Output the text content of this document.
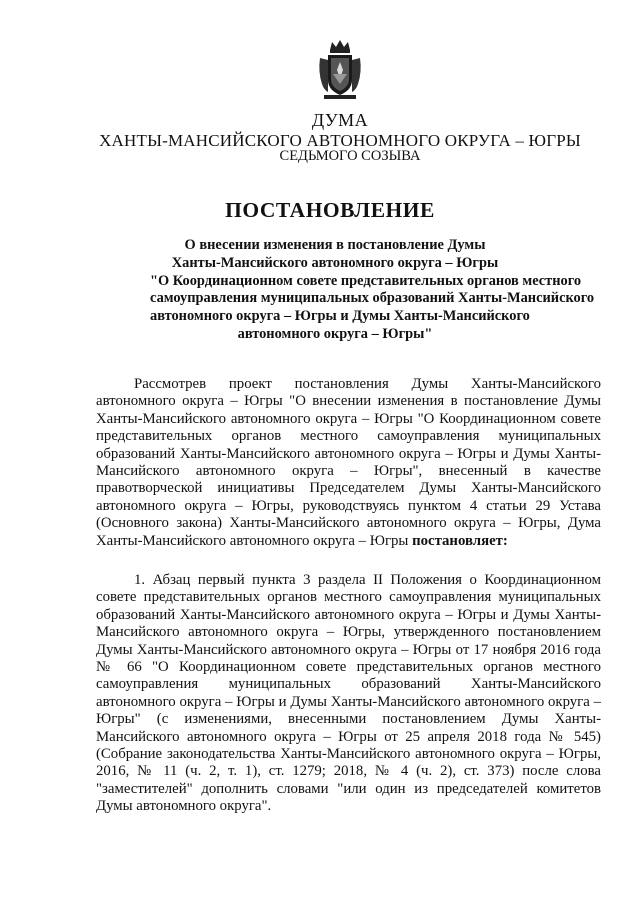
ДУМА
ХАНТЫ-МАНСИЙСКОГО АВТОНОМНОГО ОКРУГА – ЮГРЫ
СЕДЬМОГО СОЗЫВА
ПОСТАНОВЛЕНИЕ
О внесении изменения в постановление Думы
Ханты-Мансийского автономного округа – Югры
"О Координационном совете представительных органов местного
самоуправления муниципальных образований Ханты-Мансийского
автономного округа – Югры и Думы Ханты-Мансийского
автономного округа – Югры"
Рассмотрев проект постановления Думы Ханты-Мансийского автономного округа – Югры "О внесении изменения в постановление Думы Ханты-Мансийского автономного округа – Югры "О Координационном совете представительных органов местного самоуправления муниципальных образований Ханты-Мансийского автономного округа – Югры и Думы Ханты-Мансийского автономного округа – Югры", внесенный в качестве правотворческой инициативы Председателем Думы Ханты-Мансийского автономного округа – Югры, руководствуясь пунктом 4 статьи 29 Устава (Основного закона) Ханты-Мансийского автономного округа – Югры, Дума Ханты-Мансийского автономного округа – Югры постановляет:
1. Абзац первый пункта 3 раздела II Положения о Координационном совете представительных органов местного самоуправления муниципальных образований Ханты-Мансийского автономного округа – Югры и Думы Ханты-Мансийского автономного округа – Югры, утвержденного постановлением Думы Ханты-Мансийского автономного округа – Югры от 17 ноября 2016 года № 66 "О Координационном совете представительных органов местного самоуправления муниципальных образований Ханты-Мансийского автономного округа – Югры и Думы Ханты-Мансийского автономного округа – Югры" (с изменениями, внесенными постановлением Думы Ханты-Мансийского автономного округа – Югры от 25 апреля 2018 года № 545) (Собрание законодательства Ханты-Мансийского автономного округа – Югры, 2016, № 11 (ч. 2, т. 1), ст. 1279; 2018, № 4 (ч. 2), ст. 373) после слова "заместителей" дополнить словами "или один из председателей комитетов Думы автономного округа".
